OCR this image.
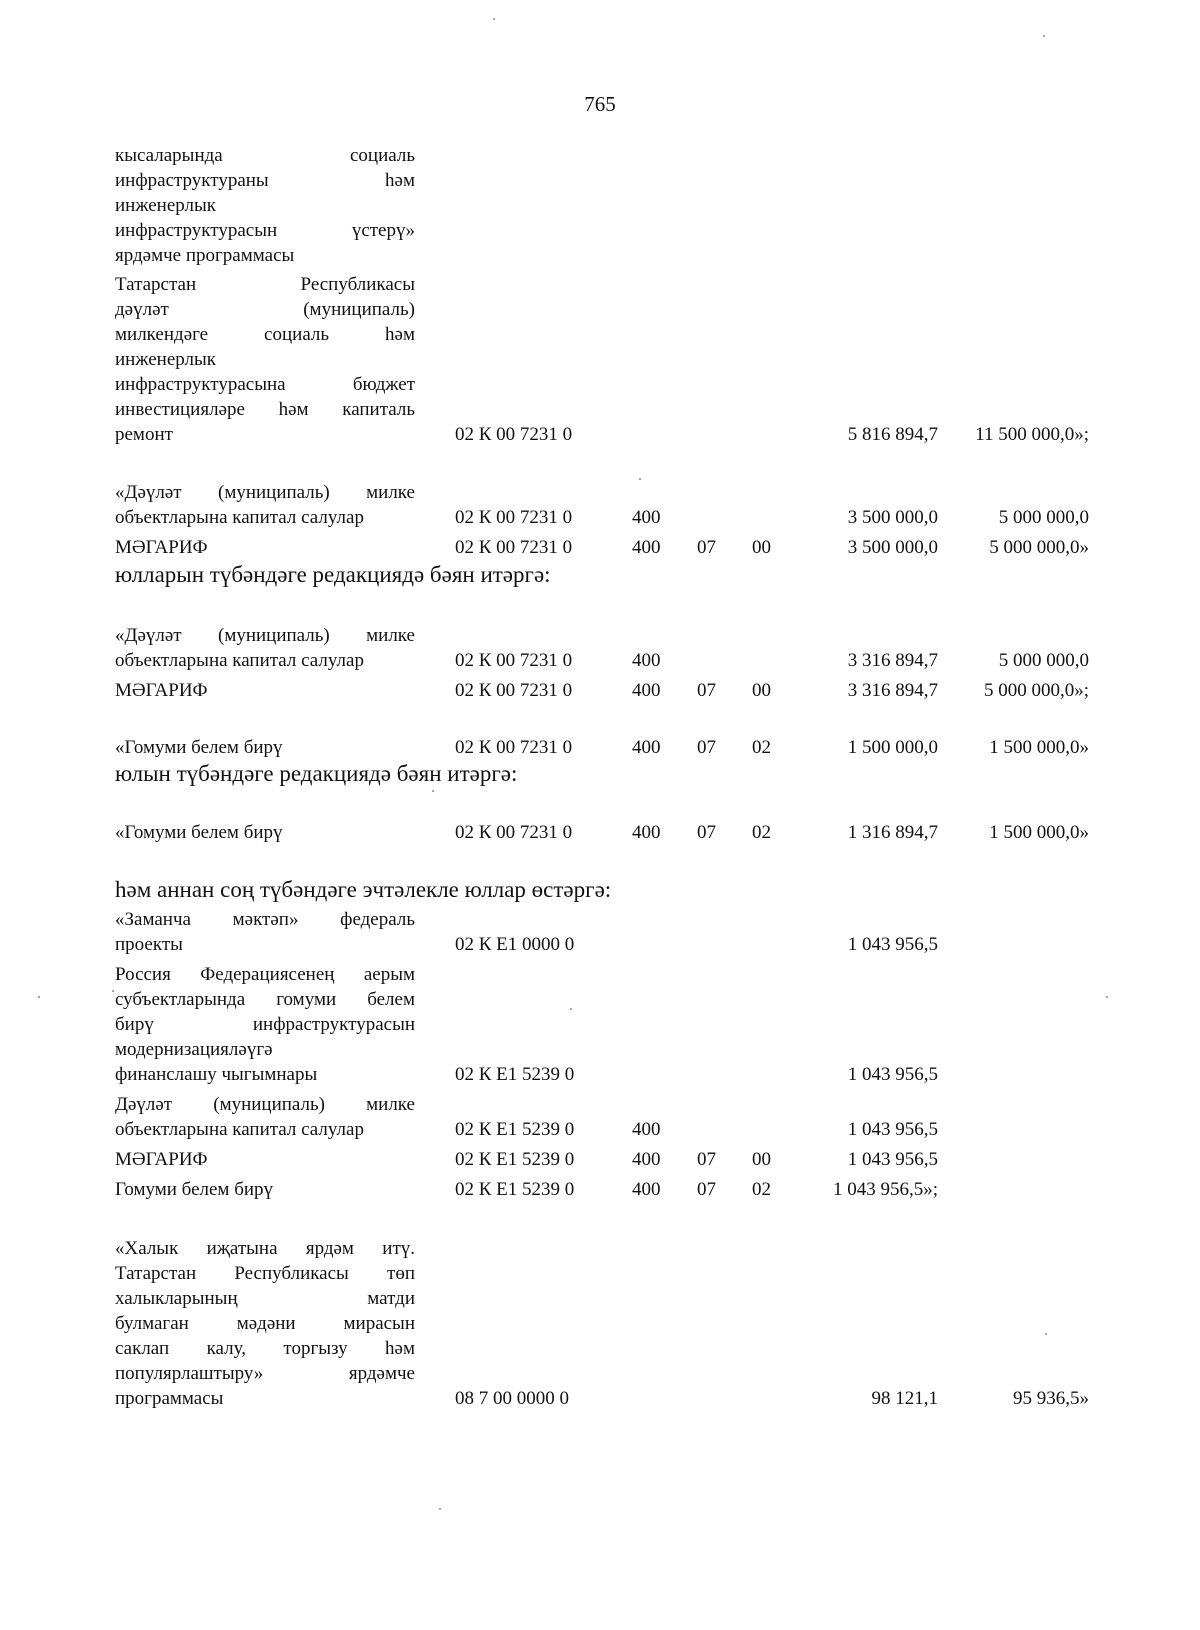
765
кысаларында социаль
инфраструктураны һәм
инженерлык
инфраструктурасын үстерү»
ярдәмче программасы
Татарстан Республикасы
дәүләт (муниципаль)
милкендәге социаль һәм
инженерлык
инфраструктурасына бюджет
инвестицияләре һәм капиталь
ремонт	02 К 00 7231 0	5 816 894,7 11 500 000,0»;
«Дәүләт (муниципаль) милке
объектларына капитал салулар	02 К 00 7231 0	400	3 500 000,0	5 000 000,0
МӘГАРИФ	02 К 00 7231 0	400 07 00	3 500 000,0	5 000 000,0»
юлларын түбәндәге редакциядә бәян итәргә:
«Дәүләт (муниципаль) милке
объектларына капитал салулар	02 К 00 7231 0	400	3 316 894,7	5 000 000,0
МӘГАРИФ	02 К 00 7231 0	400 07 00	3 316 894,7 5 000 000,0»;
«Гомуми белем бирү	02 К 00 7231 0	400 07 02	1 500 000,0	1 500 000,0»
юлын түбәндәге редакциядә бәян итәргә:
«Гомуми белем бирү	02 К 00 7231 0	400 07 02	1 316 894,7	1 500 000,0»
һәм аннан соң түбәндәге эчтәлекле юллар өстәргә:
«Заманча мәктәп» федераль
проекты	02 К Е1 0000 0	1 043 956,5
Россия Федерациясенең аерым
субъектларында гомуми белем
бирү инфраструктурасын
модернизацияләүгә
финанслашу чыгымнары	02 К Е1 5239 0	1 043 956,5
Дәүләт (муниципаль) милке
объектларына капитал салулар	02 К Е1 5239 0	400	1 043 956,5
МӘГАРИФ	02 К Е1 5239 0	400 07 00	1 043 956,5
Гомуми белем бирү	02 К Е1 5239 0	400 07 02	1 043 956,5»;
«Халык иҗатына ярдәм итү.
Татарстан Республикасы төп
халыкларының матди
булмаган мәдәни мирасын
саклап калу, торгызу һәм
популярлаштыру» ярдәмче
программасы	08 7 00 0000 0	98 121,1	95 936,5»
